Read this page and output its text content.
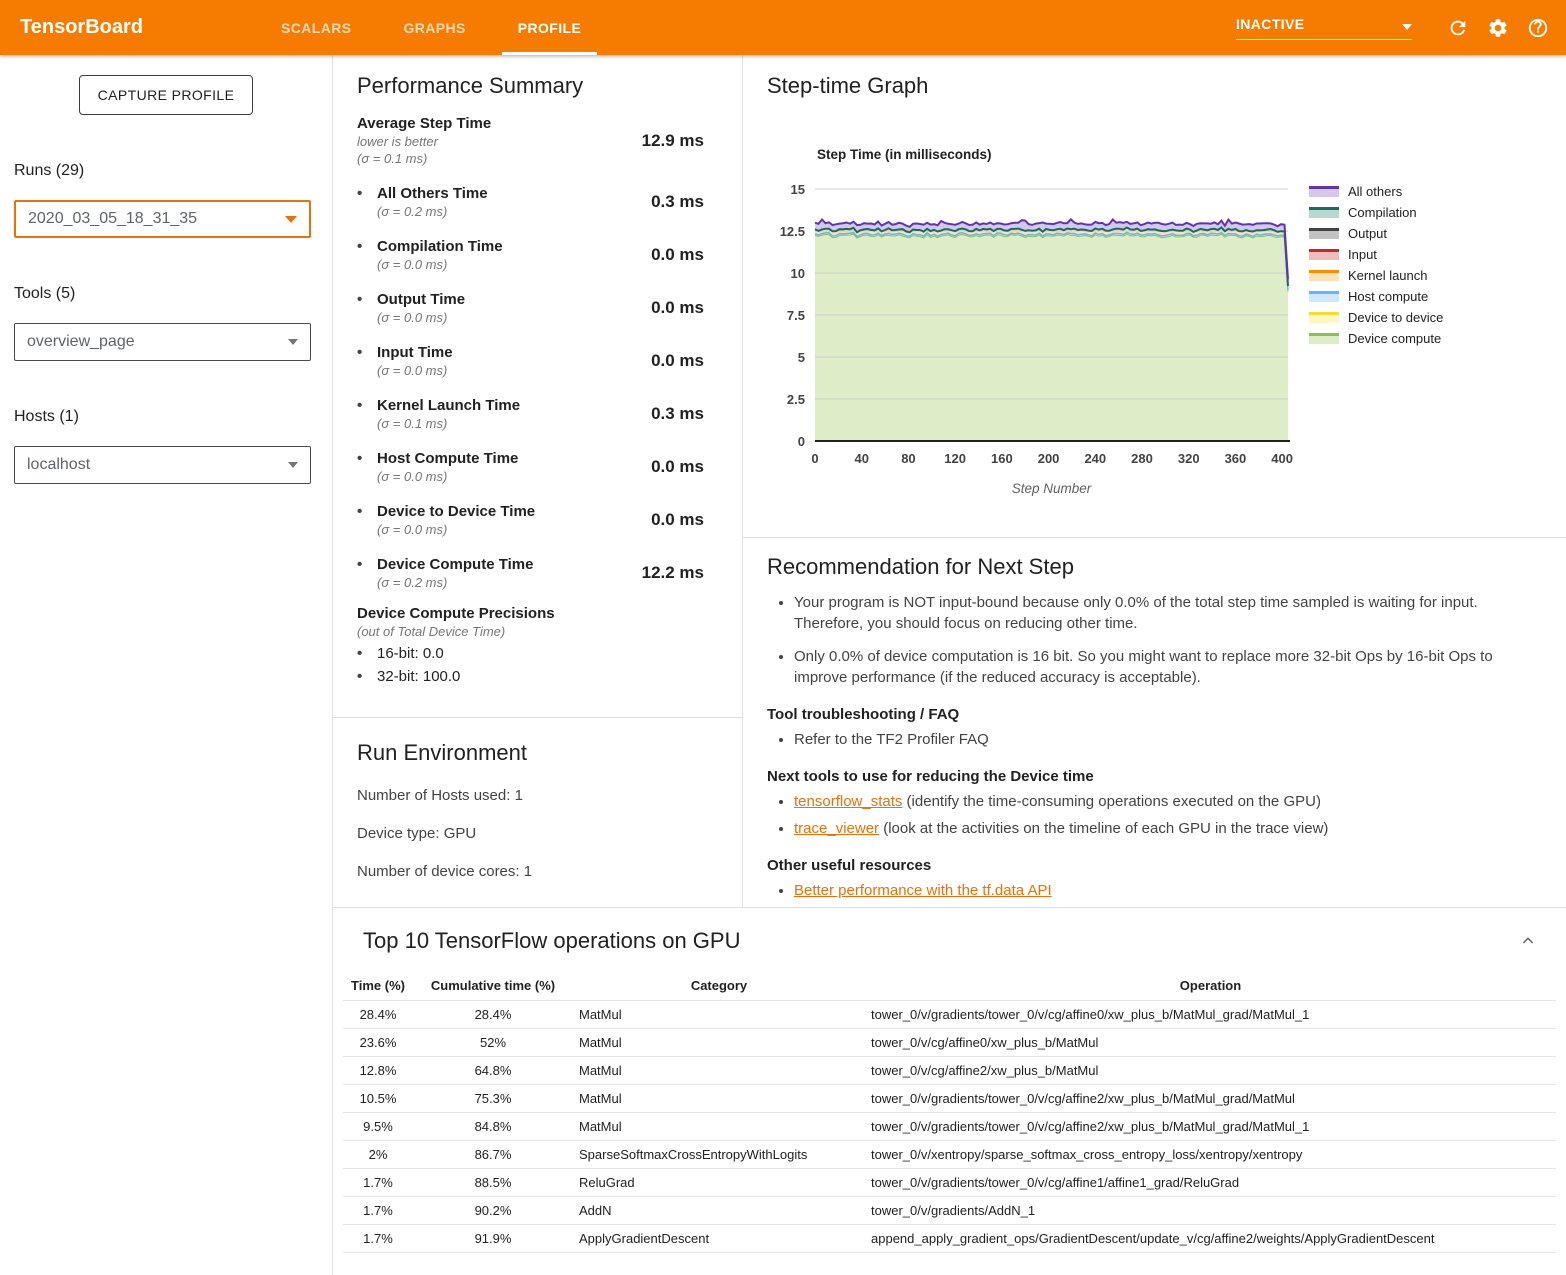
TensorBoard	SCALARS	GRAPHS	PROFILE	INACTIVE
CAPTURE PROFILE
Runs (29)
2020_03_05_18_31_35
Tools (5)
overview_page
Hosts (1)
localhost
Performance Summary
Average Step Time
lower is better
(σ = 0.1 ms)
12.9 ms
• All Others Time
(σ = 0.2 ms)
0.3 ms
• Compilation Time
(σ = 0.0 ms)
0.0 ms
• Output Time
(σ = 0.0 ms)
0.0 ms
• Input Time
(σ = 0.0 ms)
0.0 ms
• Kernel Launch Time
(σ = 0.1 ms)
0.3 ms
• Host Compute Time
(σ = 0.0 ms)
0.0 ms
• Device to Device Time
(σ = 0.0 ms)
0.0 ms
• Device Compute Time
(σ = 0.2 ms)
12.2 ms
Device Compute Precisions
(out of Total Device Time)
• 16-bit: 0.0
• 32-bit: 100.0
Run Environment
Number of Hosts used: 1
Device type: GPU
Number of device cores: 1
Step-time Graph
Step Time (in milliseconds)
0
2.5
5
7.5
10
12.5
15
0	40 80 120 160 200 240 280 320 360 400
Step Number
All others
Compilation
Output
Input
Kernel launch
Host compute
Device to device
Device compute
Recommendation for Next Step
• Your program is NOT input-bound because only 0.0% of the total step time sampled is waiting for input. Therefore, you should focus on reducing other time.
• Only 0.0% of device computation is 16 bit. So you might want to replace more 32-bit Ops by 16-bit Ops to improve performance (if the reduced accuracy is acceptable).
Tool troubleshooting / FAQ
• Refer to the TF2 Profiler FAQ
Next tools to use for reducing the Device time
• tensorflow_stats (identify the time-consuming operations executed on the GPU)
• trace_viewer (look at the activities on the timeline of each GPU in the trace view)
Other useful resources
• Better performance with the tf.data API
Top 10 TensorFlow operations on GPU
Time (%)	Cumulative time (%)	Category	Operation
28.4%	28.4%	MatMul	tower_0/v/gradients/tower_0/v/cg/affine0/xw_plus_b/MatMul_grad/MatMul_1
23.6%	52%	MatMul	tower_0/v/cg/affine0/xw_plus_b/MatMul
12.8%	64.8%	MatMul	tower_0/v/cg/affine2/xw_plus_b/MatMul
10.5%	75.3%	MatMul	tower_0/v/gradients/tower_0/v/cg/affine2/xw_plus_b/MatMul_grad/MatMul
9.5%	84.8%	MatMul	tower_0/v/gradients/tower_0/v/cg/affine2/xw_plus_b/MatMul_grad/MatMul_1
2%	86.7%	SparseSoftmaxCrossEntropyWithLogits	tower_0/v/xentropy/sparse_softmax_cross_entropy_loss/xentropy/xentropy
1.7%	88.5%	ReluGrad	tower_0/v/gradients/tower_0/v/cg/affine1/affine1_grad/ReluGrad
1.7%	90.2%	AddN	tower_0/v/gradients/AddN_1
1.7%	91.9%	ApplyGradientDescent	append_apply_gradient_ops/GradientDescent/update_v/cg/affine2/weights/ApplyGradientDescent
